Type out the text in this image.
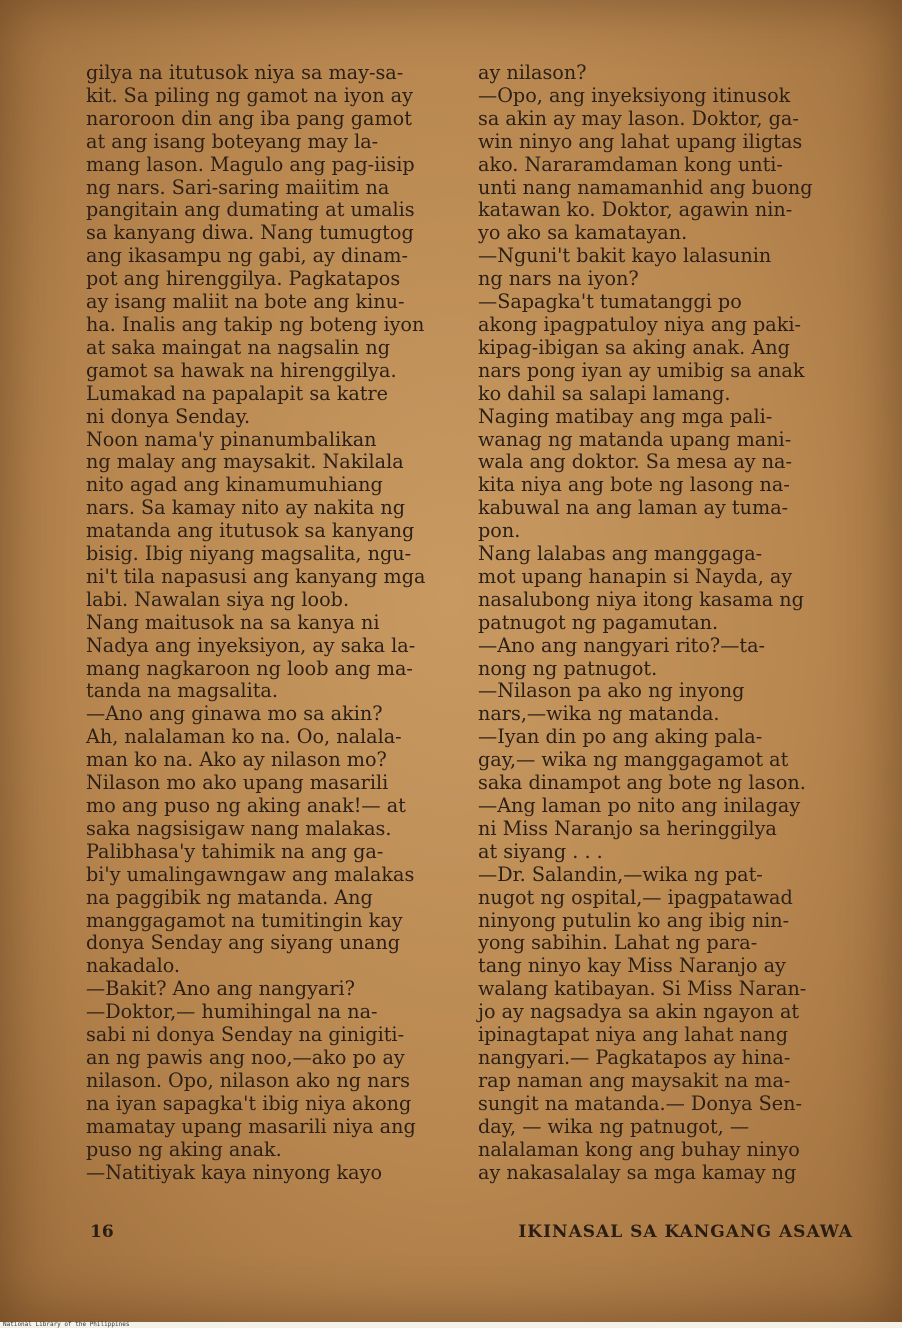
gilya na itutusok niya sa may-sa-
kit. Sa piling ng gamot na iyon ay
naroroon din ang iba pang gamot
at ang isang boteyang may la-
mang lason. Magulo ang pag-iisip
ng nars. Sari-saring maiitim na
pangitain ang dumating at umalis
sa kanyang diwa. Nang tumugtog
ang ikasampu ng gabi, ay dinam-
pot ang hirenggilya. Pagkatapos
ay isang maliit na bote ang kinu-
ha. Inalis ang takip ng boteng iyon
at saka maingat na nagsalin ng
gamot sa hawak na hirenggilya.

Lumakad na papalapit sa katre
ni donya Senday.

Noon nama'y pinanumbalikan
ng malay ang maysakit. Nakilala
nito agad ang kinamumuhiang
nars. Sa kamay nito ay nakita ng
matanda ang itutusok sa kanyang
bisig. Ibig niyang magsalita, ngu-
ni't tila napasusi ang kanyang mga
labi. Nawalan siya ng loob.

Nang maitusok na sa kanya ni
Nadya ang inyeksiyon, ay saka la-
mang nagkaroon ng loob ang ma-
tanda na magsalita.

—Ano ang ginawa mo sa akin?
Ah, nalalaman ko na. Oo, nalala-
man ko na. Ako ay nilason mo?
Nilason mo ako upang masarili
mo ang puso ng aking anak!— at
saka nagsisigaw nang malakas.

Palibhasa'y tahimik na ang ga-
bi'y umalingawngaw ang malakas
na paggibik ng matanda. Ang
manggagamot na tumitingin kay
donya Senday ang siyang unang
nakadalo.

—Bakit? Ano ang nangyari?

—Doktor,— humihingal na na-
sabi ni donya Senday na ginigiti-
an ng pawis ang noo,—ako po ay
nilason. Opo, nilason ako ng nars
na iyan sapagka't ibig niya akong
mamatay upang masarili niya ang
puso ng aking anak.

—Natitiyak kaya ninyong kayo

ay nilason?

—Opo, ang inyeksiyong itinusok
sa akin ay may lason. Doktor, ga-
win ninyo ang lahat upang iligtas
ako. Nararamdaman kong unti-
unti nang namamanhid ang buong
katawan ko. Doktor, agawin nin-
yo ako sa kamatayan.

—Nguni't bakit kayo lalasunin
ng nars na iyon?

—Sapagka't tumatanggi po
akong ipagpatuloy niya ang paki-
kipag-ibigan sa aking anak. Ang
nars pong iyan ay umibig sa anak
ko dahil sa salapi lamang.

Naging matibay ang mga pali-
wanag ng matanda upang mani-
wala ang doktor. Sa mesa ay na-
kita niya ang bote ng lasong na-
kabuwal na ang laman ay tuma-
pon.

Nang lalabas ang manggaga-
mot upang hanapin si Nayda, ay
nasalubong niya itong kasama ng
patnugot ng pagamutan.

—Ano ang nangyari rito?—ta-
nong ng patnugot.

—Nilason pa ako ng inyong
nars,—wika ng matanda.

—Iyan din po ang aking pala-
gay,— wika ng manggagamot at
saka dinampot ang bote ng lason.
—Ang laman po nito ang inilagay
ni Miss Naranjo sa heringgilya
at siyang . . .

—Dr. Salandin,—wika ng pat-
nugot ng ospital,— ipagpatawad
ninyong putulin ko ang ibig nin-
yong sabihin. Lahat ng para-
tang ninyo kay Miss Naranjo ay
walang katibayan. Si Miss Naran-
jo ay nagsadya sa akin ngayon at
ipinagtapat niya ang lahat nang
nangyari.— Pagkatapos ay hina-
rap naman ang maysakit na ma-
sungit na matanda.— Donya Sen-
day, — wika ng patnugot, —
nalalaman kong ang buhay ninyo
ay nakasalalay sa mga kamay ng

16	IKINASAL SA KANGANG ASAWA
National Library of the Philippines
